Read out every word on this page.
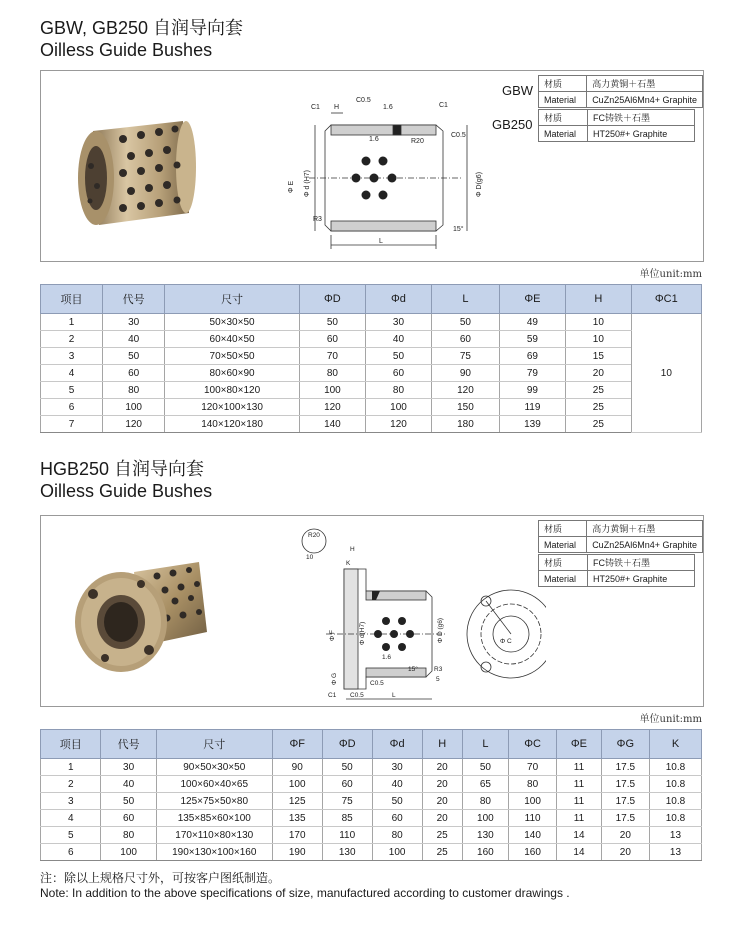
GBW, GB250 自润导向套
Oilless Guide Bushes
C1 H
C0.5
1.6	C1
C0.5
R20
1.6
Φ E Φ d (H7)	Φ D(g6)
R3
L
15°
GBW 材质	高力黄铜＋石墨
Material	CuZn25Al6Mn4+ Graphite
GB250 材质	FC铸铁＋石墨
Material	HT250#+ Graphite
单位unit:mm
项目	代号	尺寸	ΦD	Φd	L	ΦE	H	ΦC1
1	30	50×30×50	50	30	50	49	10	10
2	40	60×40×50	60	40	60	59	10	
3	50	70×50×50	70	50	75	69	15	
4	60	80×60×90	80	60	90	79	20	
5	80	100×80×120	100	80	120	99	25	
6	100	120×100×130	120	100	150	119	25	
7	120	140×120×180	140	120	180	139	25	
HGB250 自润导向套
Oilless Guide Bushes
R20
H
K
10
Φ F	Φ d(H7)	Φ D (g6)
Φ G
R3
1.6
15°
5
C0.5
C0.5
C1	L
Φ C
材质	高力黄铜＋石墨
Material	CuZn25Al6Mn4+ Graphite
材质	FC铸铁＋石墨
Material	HT250#+ Graphite
单位unit:mm
项目	代号	尺寸	ΦF	ΦD	Φd	H	L	ΦC	ΦE	ΦG	K
1	30	90×50×30×50	90	50	30	20	50	70	11	17.5	10.8
2	40	100×60×40×65	100	60	40	20	65	80	11	17.5	10.8
3	50	125×75×50×80	125	75	50	20	80	100	11	17.5	10.8
4	60	135×85×60×100	135	85	60	20	100	110	11	17.5	10.8
5	80	170×110×80×130	170	110	80	25	130	140	14	20	13
6	100	190×130×100×160	190	130	100	25	160	160	14	20	13
注：除以上规格尺寸外，可按客户图纸制造。
Note: In addition to the above specifications of size, manufactured according to customer drawings .
